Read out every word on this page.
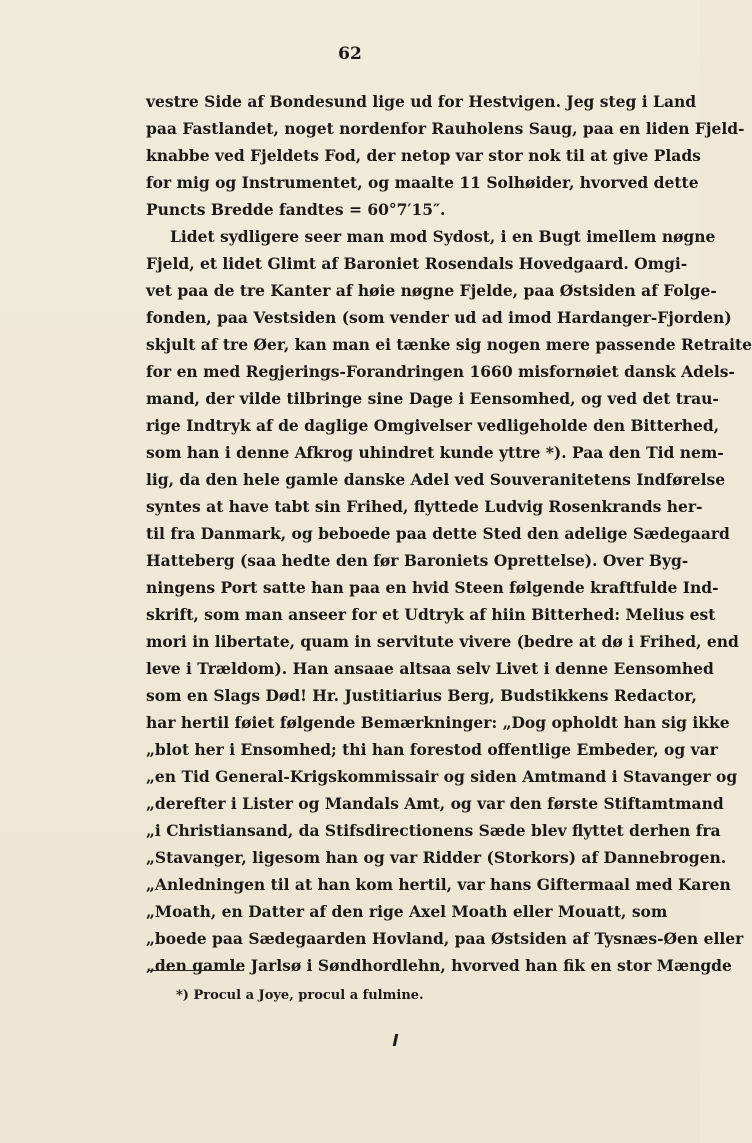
62
vestre Side af Bondesund lige ud for Hestvigen. Jeg steg i Land
paa Fastlandet, noget nordenfor Rauholens Saug, paa en liden Fjeld-
knabbe ved Fjeldets Fod, der netop var stor nok til at give Plads
for mig og Instrumentet, og maalte 11 Solhøider, hvorved dette
Puncts Bredde fandtes = 60°7′15″.
Lidet sydligere seer man mod Sydost, i en Bugt imellem nøgne
Fjeld, et lidet Glimt af Baroniet Rosendals Hovedgaard. Omgi-
vet paa de tre Kanter af høie nøgne Fjelde, paa Østsiden af Folge-
fonden, paa Vestsiden (som vender ud ad imod Hardanger-Fjorden)
skjult af tre Øer, kan man ei tænke sig nogen mere passende Retraite
for en med Regjerings-Forandringen 1660 misfornøiet dansk Adels-
mand, der vilde tilbringe sine Dage i Eensomhed, og ved det trau-
rige Indtryk af de daglige Omgivelser vedligeholde den Bitterhed,
som han i denne Afkrog uhindret kunde yttre *). Paa den Tid nem-
lig, da den hele gamle danske Adel ved Souveranitetens Indførelse
syntes at have tabt sin Frihed, flyttede Ludvig Rosenkrands her-
til fra Danmark, og beboede paa dette Sted den adelige Sædegaard
Hatteberg (saa hedte den før Baroniets Oprettelse). Over Byg-
ningens Port satte han paa en hvid Steen følgende kraftfulde Ind-
skrift, som man anseer for et Udtryk af hiin Bitterhed: Melius est
mori in libertate, quam in servitute vivere (bedre at dø i Frihed, end
leve i Trældom). Han ansaae altsaa selv Livet i denne Eensomhed
som en Slags Død! Hr. Justitiarius Berg, Budstikkens Redactor,
har hertil føiet følgende Bemærkninger: „Dog opholdt han sig ikke
„blot her i Ensomhed; thi han forestod offentlige Embeder, og var
„en Tid General-Krigskommissair og siden Amtmand i Stavanger og
„derefter i Lister og Mandals Amt, og var den første Stiftamtmand
„i Christiansand, da Stifsdirectionens Sæde blev flyttet derhen fra
„Stavanger, ligesom han og var Ridder (Storkors) af Dannebrogen.
„Anledningen til at han kom hertil, var hans Giftermaal med Karen
„Moath, en Datter af den rige Axel Moath eller Mouatt, som
„boede paa Sædegaarden Hovland, paa Østsiden af Tysnæs-Øen eller
„den gamle Jarlsø i Søndhordlehn, hvorved han fik en stor Mængde
*) Procul a Joye, procul a fulmine.
